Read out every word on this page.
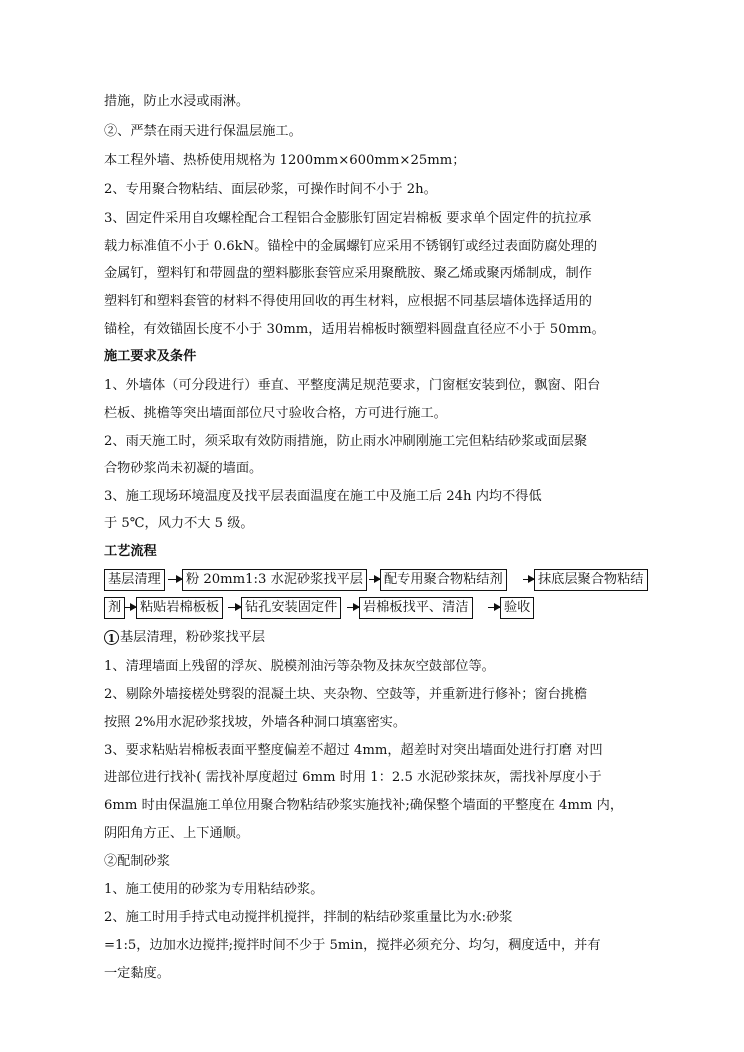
措施，防止水浸或雨淋。
②、严禁在雨天进行保温层施工。
本工程外墙、热桥使用规格为 1200mm×600mm×25mm；
2、专用聚合物粘结、面层砂浆，可操作时间不小于 2h。
3、固定件采用自攻螺栓配合工程铝合金膨胀钉固定岩棉板 要求单个固定件的抗拉承
载力标准值不小于 0.6kN。锚栓中的金属螺钉应采用不锈钢钉或经过表面防腐处理的
金属钉，塑料钉和带圆盘的塑料膨胀套管应采用聚酰胺、聚乙烯或聚丙烯制成，制作
塑料钉和塑料套管的材料不得使用回收的再生材料，应根据不同基层墙体选择适用的
锚栓，有效锚固长度不小于 30mm，适用岩棉板时额塑料圆盘直径应不小于 50mm。
施工要求及条件
1、外墙体（可分段进行）垂直、平整度满足规范要求，门窗框安装到位，飘窗、阳台
栏板、挑檐等突出墙面部位尺寸验收合格，方可进行施工。
2、雨天施工时，须采取有效防雨措施，防止雨水冲刷刚施工完但粘结砂浆或面层聚
合物砂浆尚未初凝的墙面。
3、施工现场环境温度及找平层表面温度在施工中及施工后 24h 内均不得低
于 5℃，风力不大 5 级。
工艺流程
基层清理	粉 20mm1:3 水泥砂浆找平层	配专用聚合物粘结剂	抹底层聚合物粘结
剂	粘贴岩棉板板	钻孔安装固定件	岩棉板找平、清洁	验收
1 基层清理，粉砂浆找平层
1、清理墙面上残留的浮灰、脱模剂油污等杂物及抹灰空鼓部位等。
2、剔除外墙接槎处劈裂的混凝土块、夹杂物、空鼓等，并重新进行修补；窗台挑檐
按照 2%用水泥砂浆找坡，外墙各种洞口填塞密实。
3、要求粘贴岩棉板表面平整度偏差不超过 4mm，超差时对突出墙面处进行打磨 对凹
进部位进行找补( 需找补厚度超过 6mm 时用 1：2.5 水泥砂浆抹灰，需找补厚度小于
6mm 时由保温施工单位用聚合物粘结砂浆实施找补;确保整个墙面的平整度在 4mm 内，
阴阳角方正、上下通顺。
②配制砂浆
1、施工使用的砂浆为专用粘结砂浆。
2、施工时用手持式电动搅拌机搅拌，拌制的粘结砂浆重量比为水:砂浆
=1:5，边加水边搅拌;搅拌时间不少于 5min，搅拌必须充分、均匀，稠度适中，并有
一定黏度。
